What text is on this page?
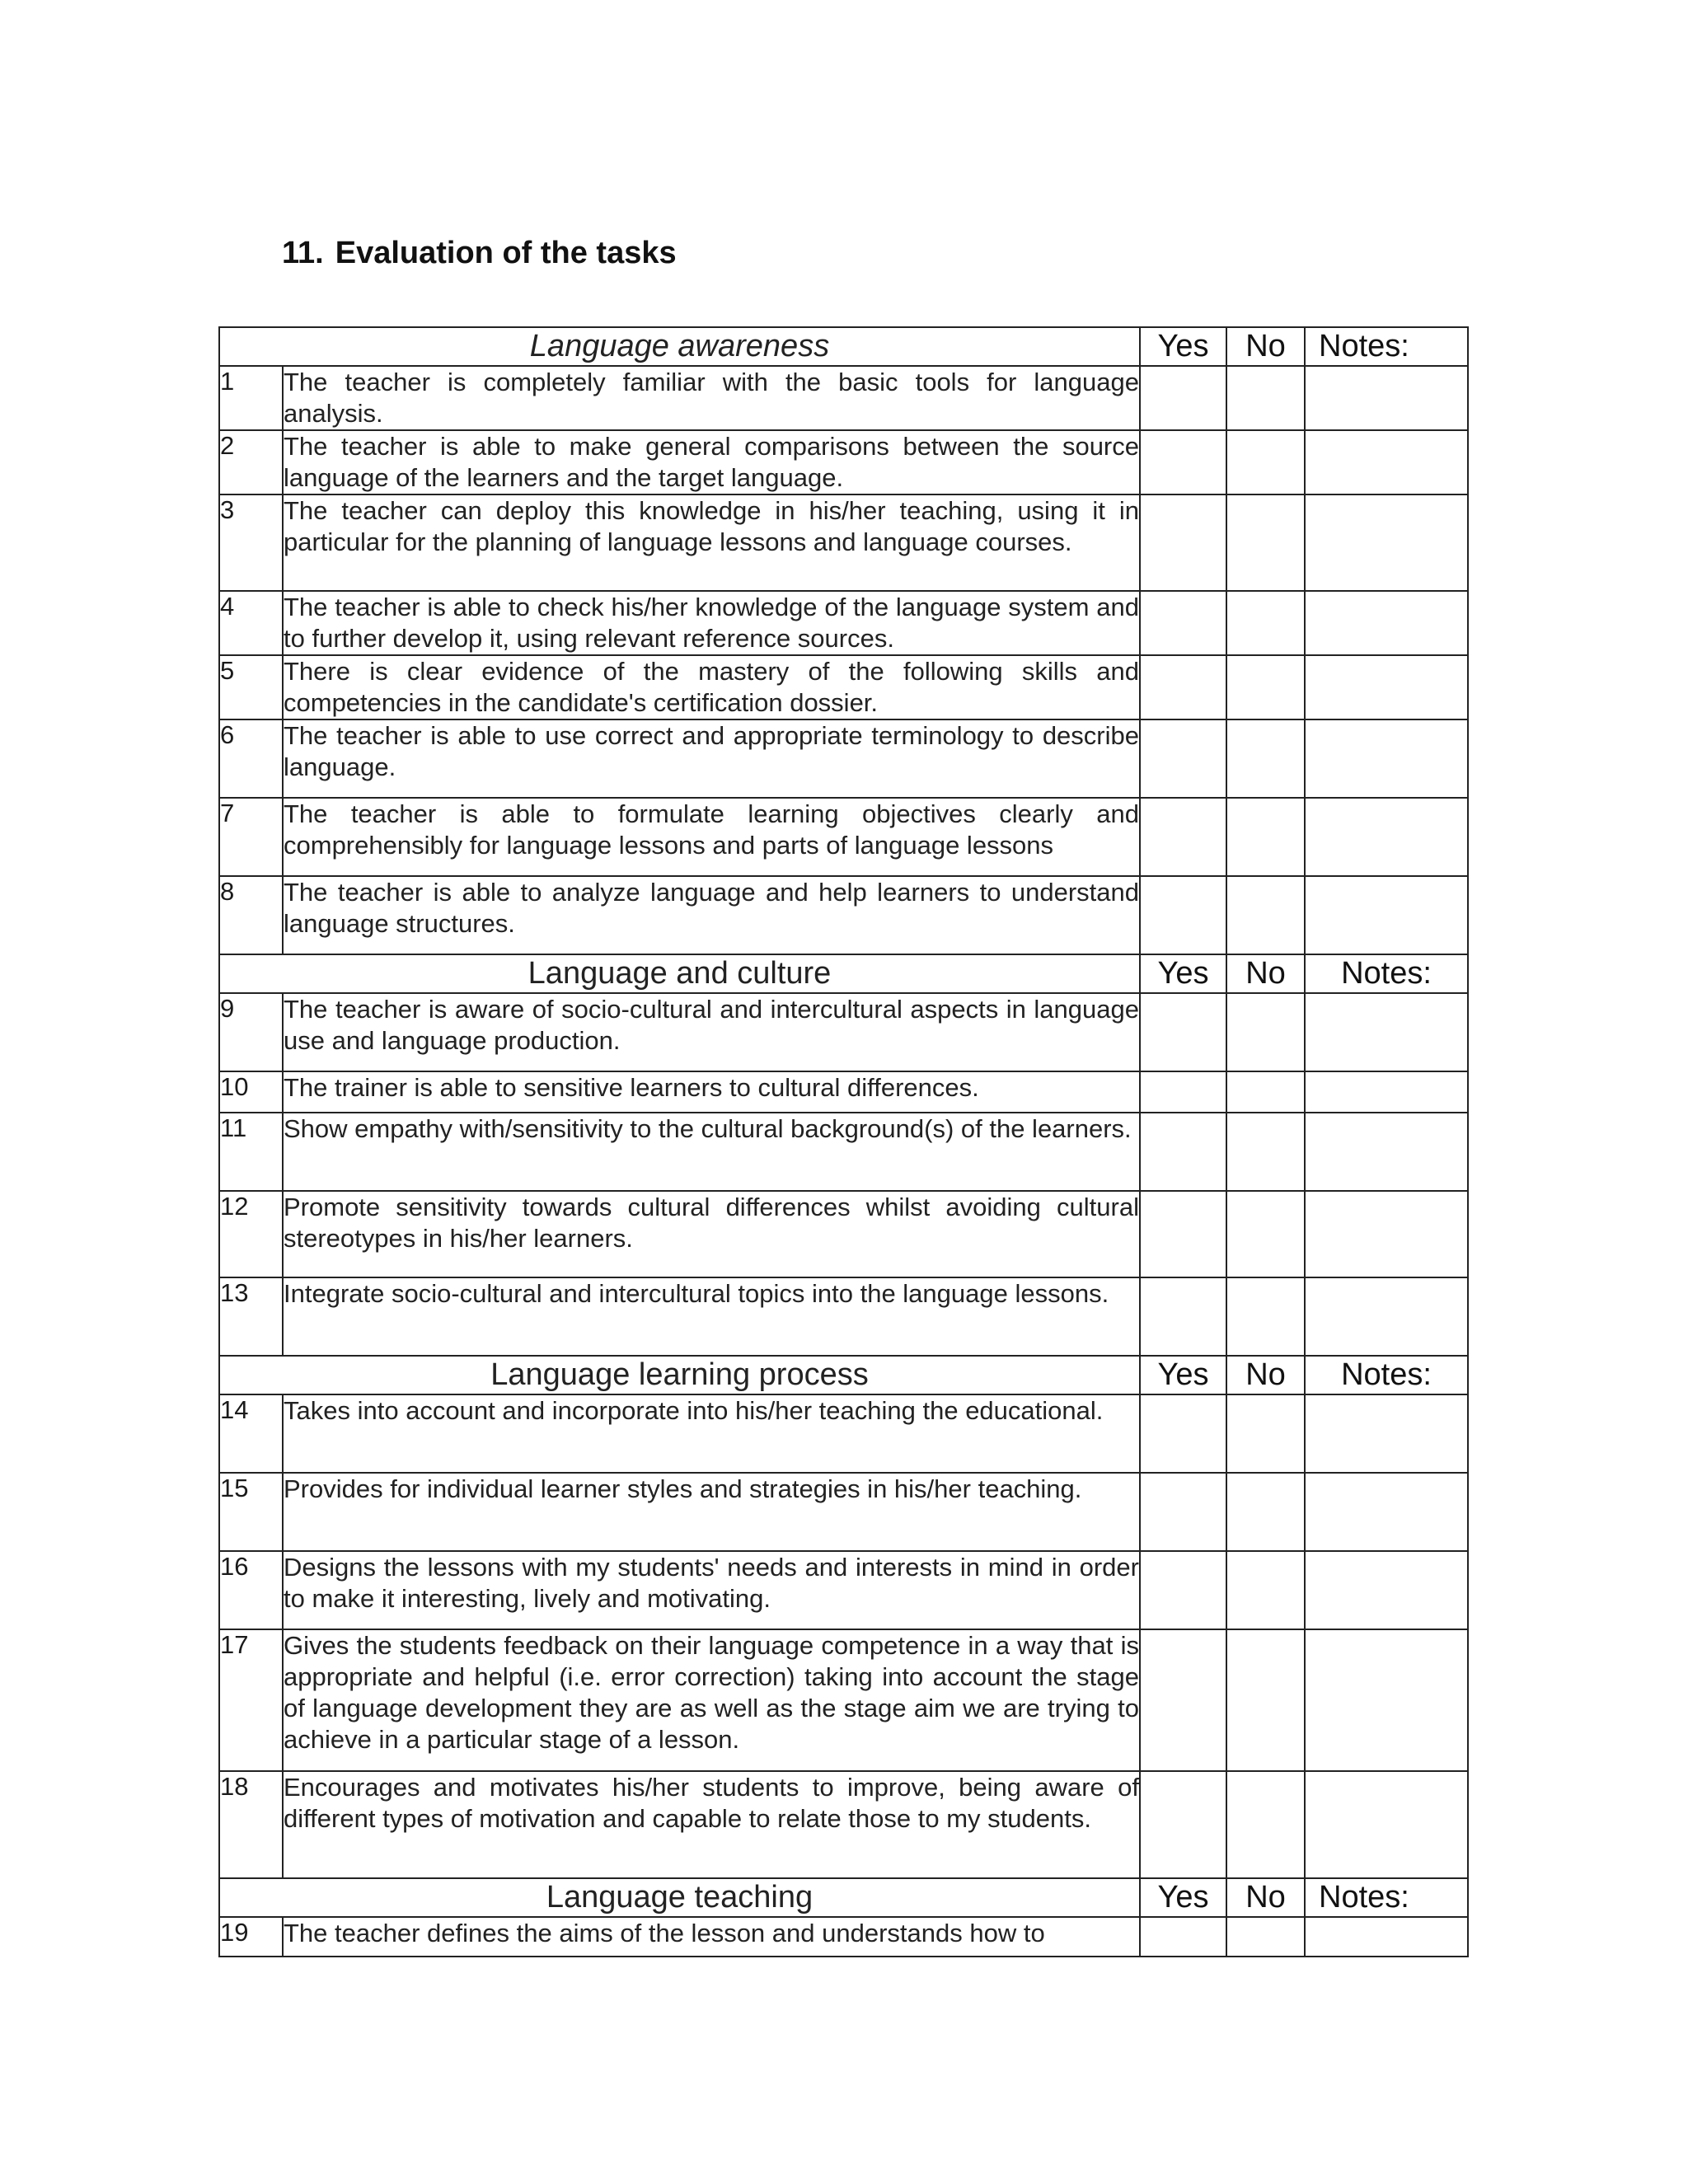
11. Evaluation of the tasks
Language awareness		Yes	No	Notes:
1	The teacher is completely familiar with the basic tools for language analysis.			
2	The teacher is able to make general comparisons between the source language of the learners and the target language.			
3	The teacher can deploy this knowledge in his/her teaching, using it in particular for the planning of language lessons and language courses.			
4	The teacher is able to check his/her knowledge of the language system and to further develop it, using relevant reference sources.			
5	There is clear evidence of the mastery of the following skills and competencies in the candidate's certification dossier.			
6	The teacher is able to use correct and appropriate terminology to describe language.			
7	The teacher is able to formulate learning objectives clearly and comprehensibly for language lessons and parts of language lessons			
8	The teacher is able to analyze language and help learners to understand language structures.			
Language and culture		Yes	No	Notes:
9	The teacher is aware of socio-cultural and intercultural aspects in language use and language production.			
10	The trainer is able to sensitive learners to cultural differences.			
11	Show empathy with/sensitivity to the cultural background(s) of the learners.			
12	Promote sensitivity towards cultural differences whilst avoiding cultural stereotypes in his/her learners.			
13	Integrate socio-cultural and intercultural topics into the language lessons.			
Language learning process		Yes	No	Notes:
14	Takes into account and incorporate into his/her teaching the educational.			
15	Provides for individual learner styles and strategies in his/her teaching.			
16	Designs the lessons with my students' needs and interests in mind in order to make it interesting, lively and motivating.			
17	Gives the students feedback on their language competence in a way that is appropriate and helpful (i.e. error correction) taking into account the stage of language development they are as well as the stage aim we are trying to achieve in a particular stage of a lesson.			
18	Encourages and motivates his/her students to improve, being aware of different types of motivation and capable to relate those to my students.			
Language teaching		Yes	No	Notes:
19	The teacher defines the aims of the lesson and understands how to			
